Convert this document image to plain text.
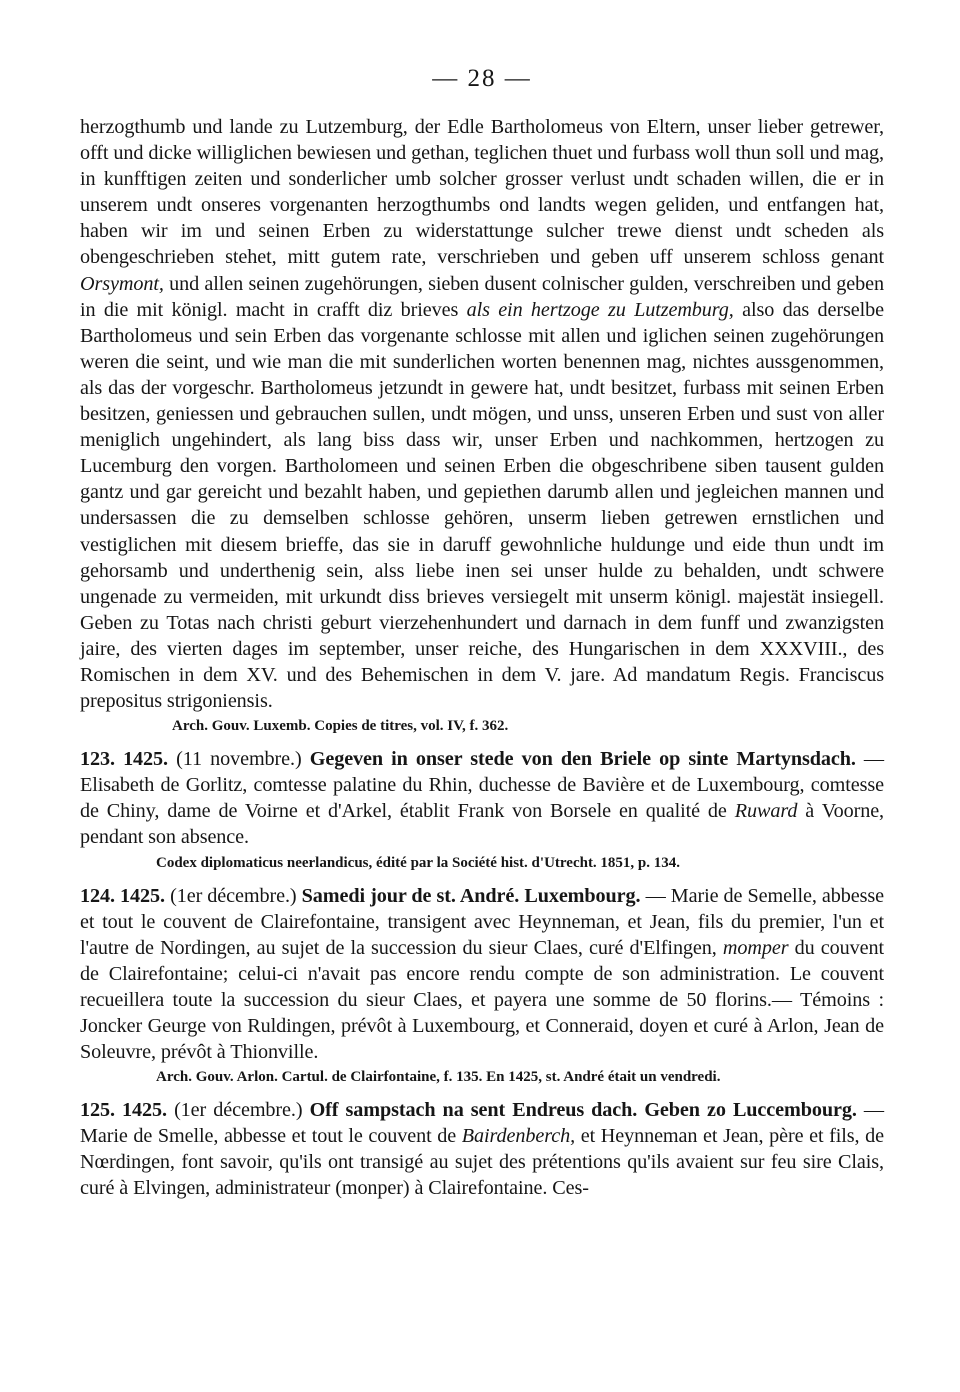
— 28 —

herzogthumb und lande zu Lutzemburg, der Edle Bartholomeus von Eltern, unser lieber getrewer, offt und dicke williglichen bewiesen und gethan, teglichen thuet und furbass woll thun soll und mag, in kunfftigen zeiten und sonderlicher umb solcher grosser verlust undt schaden willen, die er in unserem undt onseres vorgenanten herzogthumbs ond landts wegen geliden, und entfangen hat, haben wir im und seinen Erben zu widerstattunge sulcher trewe dienst undt scheden als obengeschrieben stehet, mitt gutem rate, verschrieben und geben uff unserem schloss genant Orsymont, und allen seinen zugehörungen, sieben dusent colnischer gulden, verschreiben und geben in die mit königl. macht in crafft diz brieves als ein hertzoge zu Lutzemburg, also das derselbe Bartholomeus und sein Erben das vorgenante schlosse mit allen und iglichen seinen zugehörungen weren die seint, und wie man die mit sunderlichen worten benennen mag, nichtes aussgenommen, als das der vorgeschr. Bartholomeus jetzundt in gewere hat, undt besitzet, furbass mit seinen Erben besitzen, geniessen und gebrauchen sullen, undt mögen, und unss, unseren Erben und sust von aller meniglich ungehindert, als lang biss dass wir, unser Erben und nachkommen, hertzogen zu Lucemburg den vorgen. Bartholomeen und seinen Erben die obgeschribene siben tausent gulden gantz und gar gereicht und bezahlt haben, und gepiethen darumb allen und jegleichen mannen und undersassen die zu demselben schlosse gehören, unserm lieben getrewen ernstlichen und vestiglichen mit diesem brieffe, das sie in daruff gewohnliche huldunge und eide thun undt im gehorsamb und underthenig sein, alss liebe inen sei unser hulde zu behalden, undt schwere ungenade zu vermeiden, mit urkundt diss brieves versiegelt mit unserm königl. majestät insiegell. Geben zu Totas nach christi geburt vierzehenhundert und darnach in dem funff und zwanzigsten jaire, des vierten dages im september, unser reiche, des Hungarischen in dem XXXVIII., des Romischen in dem XV. und des Behemischen in dem V. jare. Ad mandatum Regis. Franciscus prepositus strigoniensis.

Arch. Gouv. Luxemb. Copies de titres, vol. IV, f. 362.

123. 1425. (11 novembre.) Gegeven in onser stede von den Briele op sinte Martynsdach. — Elisabeth de Gorlitz, comtesse palatine du Rhin, duchesse de Bavière et de Luxembourg, comtesse de Chiny, dame de Voirne et d'Arkel, établit Frank von Borsele en qualité de Ruward à Voorne, pendant son absence.

Codex diplomaticus neerlandicus, édité par la Société hist. d'Utrecht. 1851, p. 134.

124. 1425. (1er décembre.) Samedi jour de st. André. Luxembourg. — Marie de Semelle, abbesse et tout le couvent de Clairefontaine, transigent avec Heynneman, et Jean, fils du premier, l'un et l'autre de Nordingen, au sujet de la succession du sieur Claes, curé d'Elfingen, momper du couvent de Clairefontaine; celui-ci n'avait pas encore rendu compte de son administration. Le couvent recueillera toute la succession du sieur Claes, et payera une somme de 50 florins.— Témoins : Joncker Geurge von Ruldingen, prévôt à Luxembourg, et Conneraid, doyen et curé à Arlon, Jean de Soleuvre, prévôt à Thionville.

Arch. Gouv. Arlon. Cartul. de Clairfontaine, f. 135. En 1425, st. André était un vendredi.

125. 1425. (1er décembre.) Off sampstach na sent Endreus dach. Geben zo Luccembourg. — Marie de Smelle, abbesse et tout le couvent de Bairdenberch, et Heynneman et Jean, père et fils, de Nœrdingen, font savoir, qu'ils ont transigé au sujet des prétentions qu'ils avaient sur feu sire Clais, curé à Elvingen, administrateur (monper) à Clairefontaine. Ces-
